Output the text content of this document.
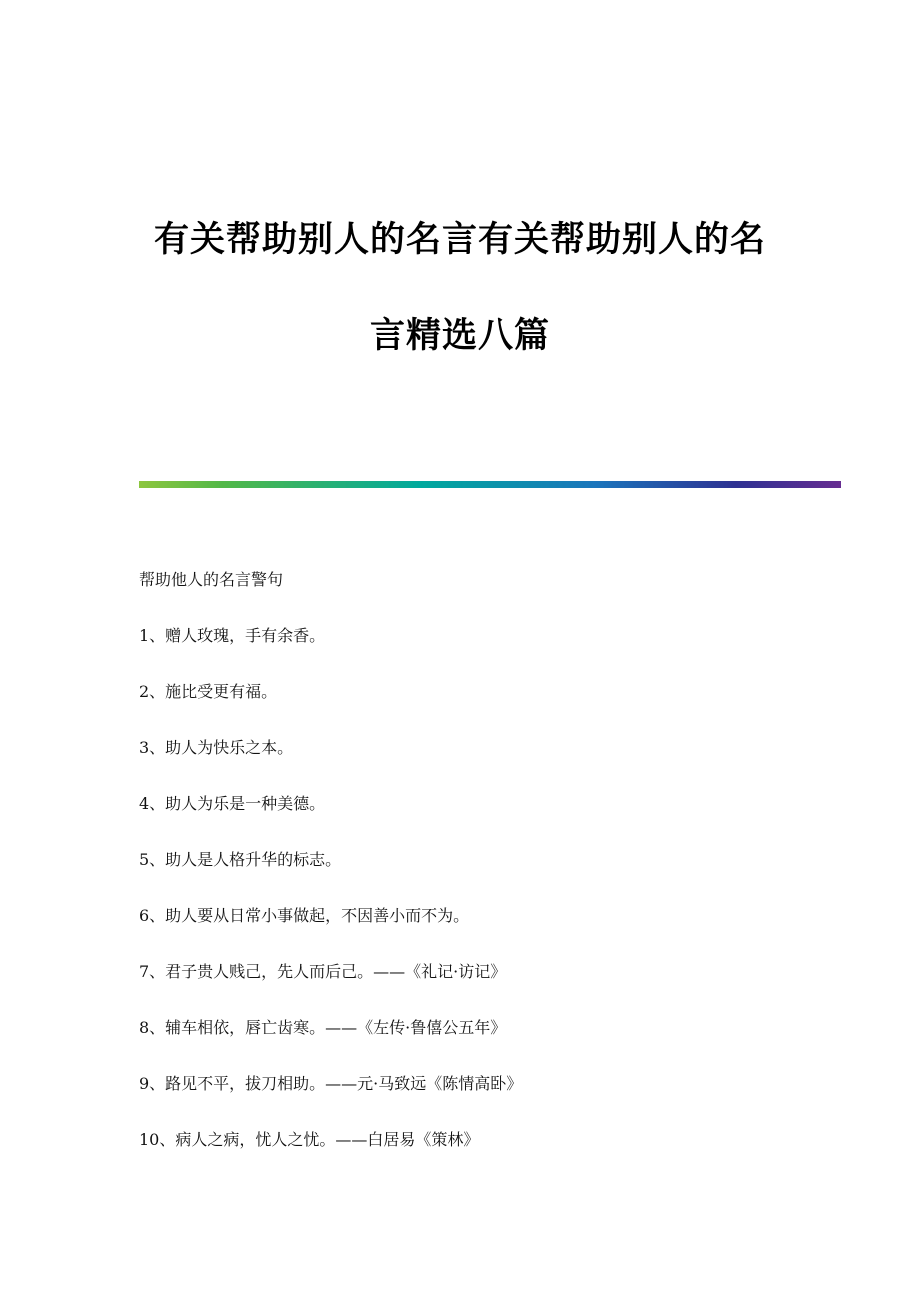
有关帮助别人的名言有关帮助别人的名
言精选八篇
帮助他人的名言警句
1、赠人玫瑰，手有余香。
2、施比受更有福。
3、助人为快乐之本。
4、助人为乐是一种美德。
5、助人是人格升华的标志。
6、助人要从日常小事做起，不因善小而不为。
7、君子贵人贱己，先人而后己。——《礼记·访记》
8、辅车相依，唇亡齿寒。——《左传·鲁僖公五年》
9、路见不平，拔刀相助。——元·马致远《陈情高卧》
10、病人之病，忧人之忧。——白居易《策林》
